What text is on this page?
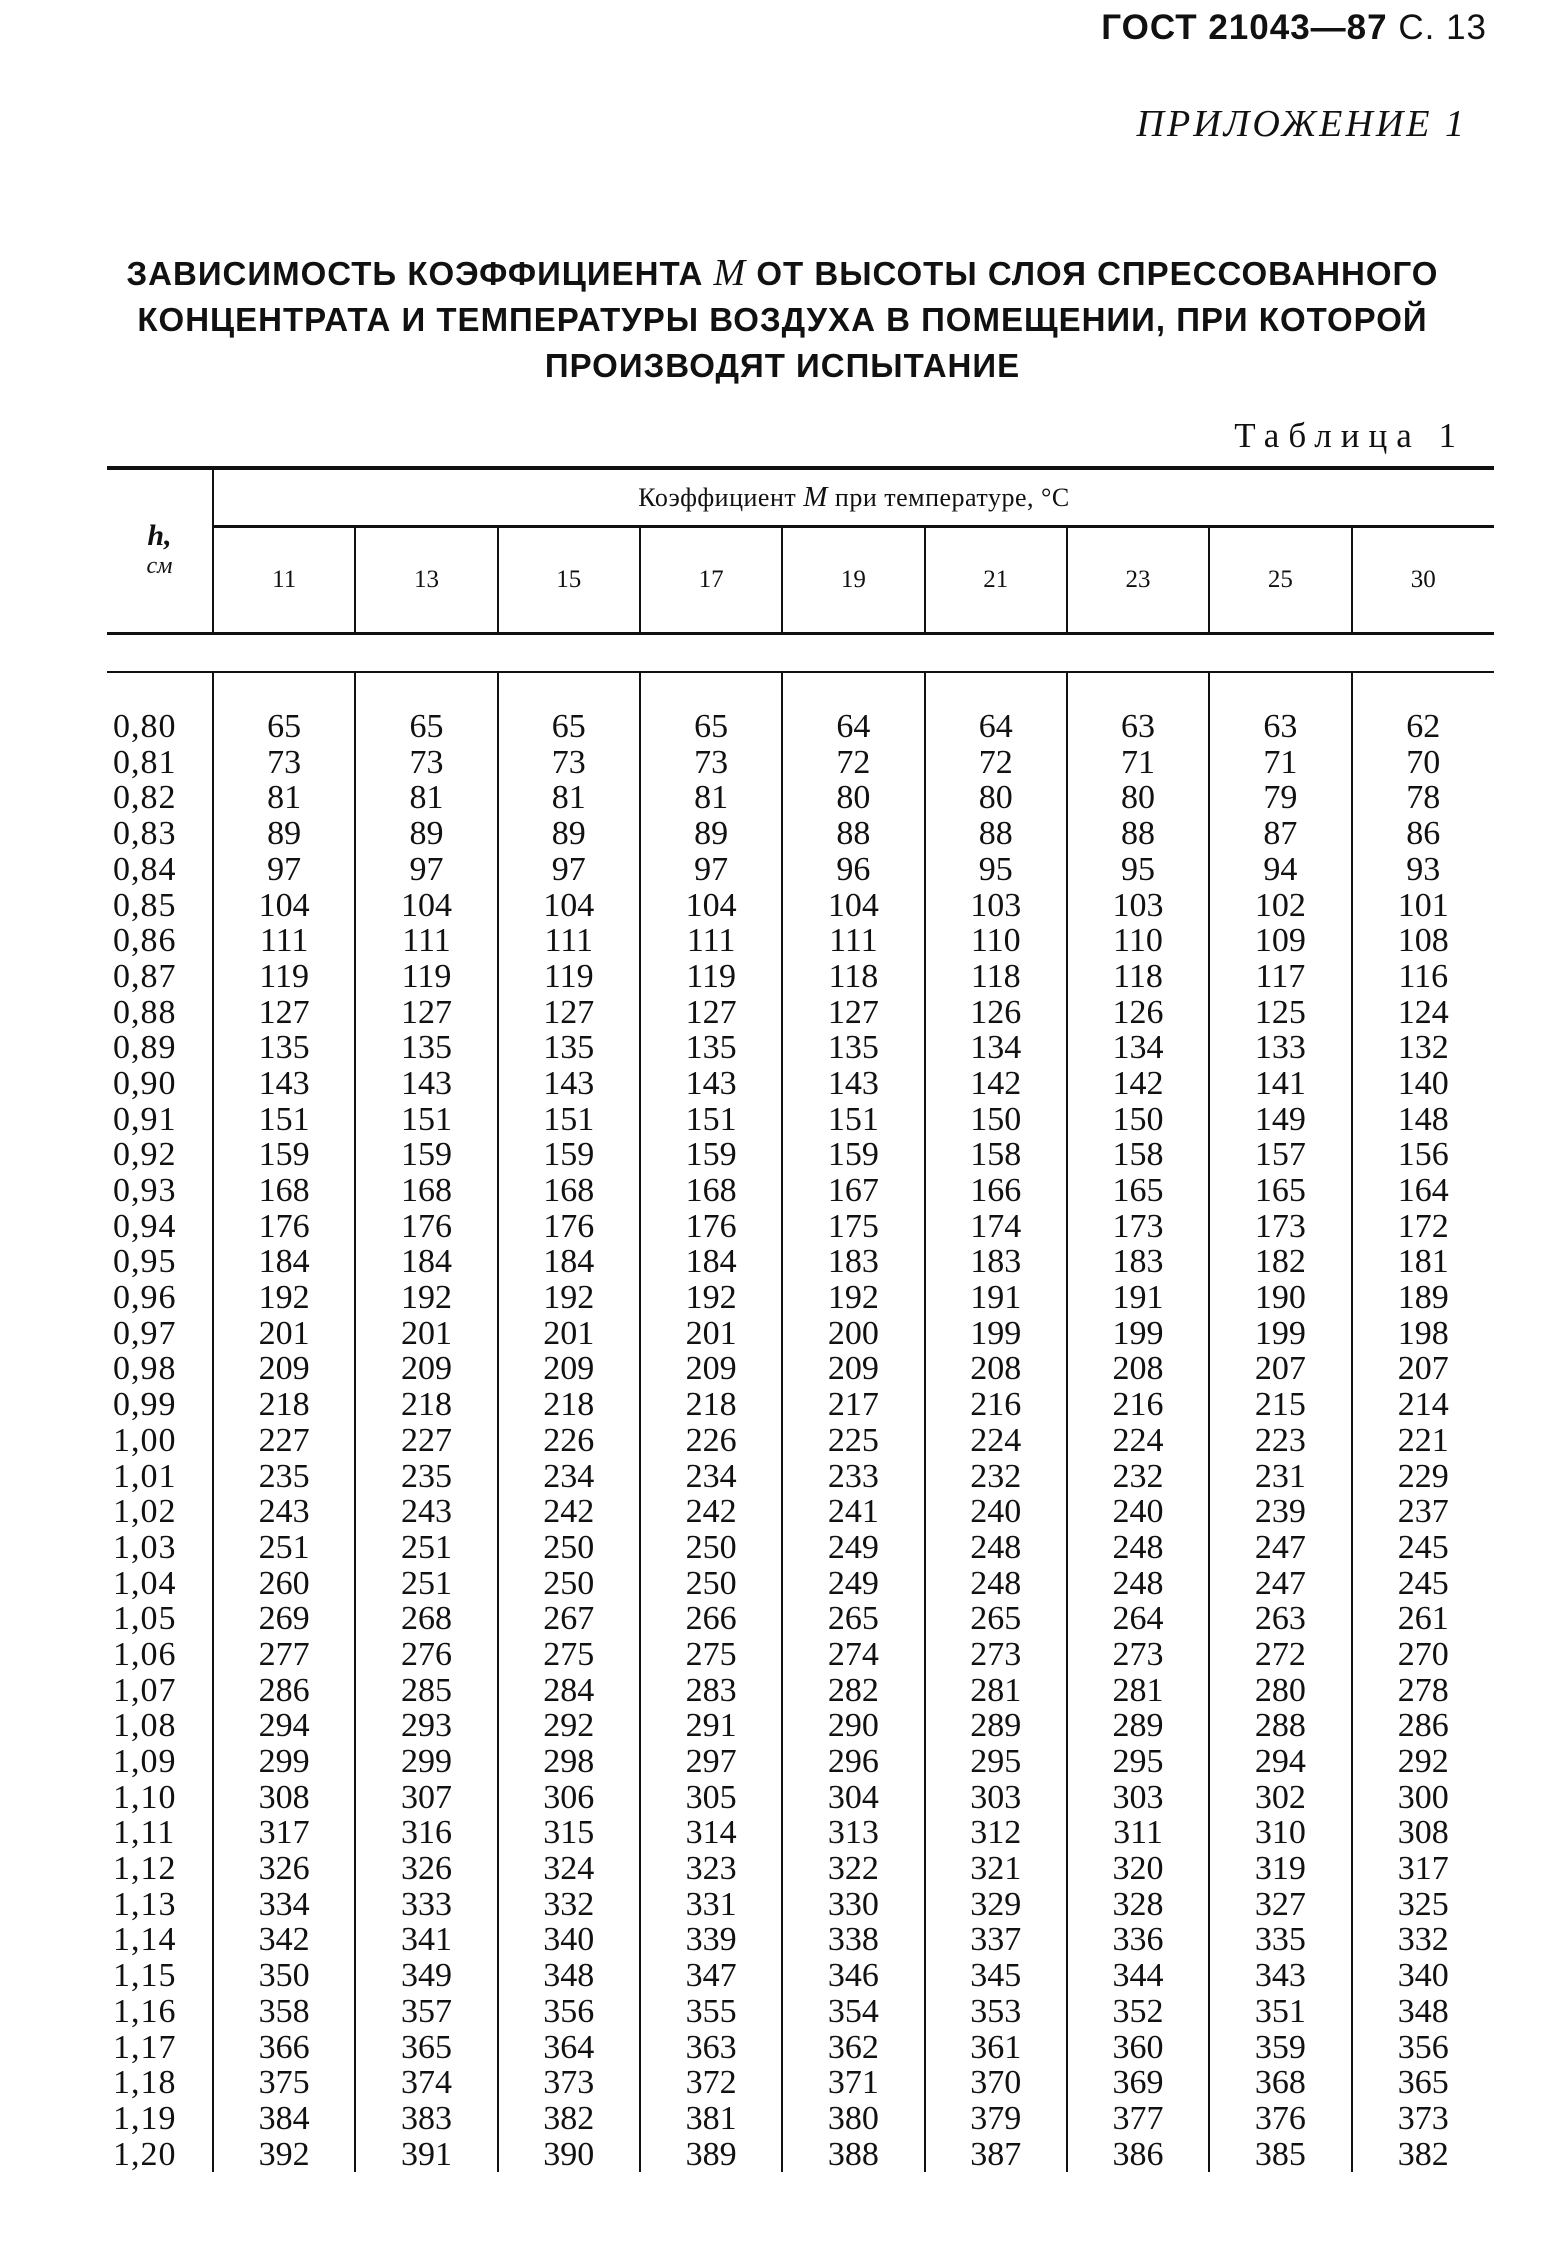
ГОСТ 21043—87 С. 13
ПРИЛОЖЕНИЕ 1
ЗАВИСИМОСТЬ КОЭФФИЦИЕНТА М ОТ ВЫСОТЫ СЛОЯ СПРЕССОВАННОГО
КОНЦЕНТРАТА И ТЕМПЕРАТУРЫ ВОЗДУХА В ПОМЕЩЕНИИ, ПРИ КОТОРОЙ
ПРОИЗВОДЯТ ИСПЫТАНИЕ
Таблица 1
h,
см	Коэффициент М при температуре, °С								
	11	13	15	17	19	21	23	25	30

0,80	65	65	65	65	64	64	63	63	62
0,81	73	73	73	73	72	72	71	71	70
0,82	81	81	81	81	80	80	80	79	78
0,83	89	89	89	89	88	88	88	87	86
0,84	97	97	97	97	96	95	95	94	93
0,85	104	104	104	104	104	103	103	102	101
0,86	111	111	111	111	111	110	110	109	108
0,87	119	119	119	119	118	118	118	117	116
0,88	127	127	127	127	127	126	126	125	124
0,89	135	135	135	135	135	134	134	133	132
0,90	143	143	143	143	143	142	142	141	140
0,91	151	151	151	151	151	150	150	149	148
0,92	159	159	159	159	159	158	158	157	156
0,93	168	168	168	168	167	166	165	165	164
0,94	176	176	176	176	175	174	173	173	172
0,95	184	184	184	184	183	183	183	182	181
0,96	192	192	192	192	192	191	191	190	189
0,97	201	201	201	201	200	199	199	199	198
0,98	209	209	209	209	209	208	208	207	207
0,99	218	218	218	218	217	216	216	215	214
1,00	227	227	226	226	225	224	224	223	221
1,01	235	235	234	234	233	232	232	231	229
1,02	243	243	242	242	241	240	240	239	237
1,03	251	251	250	250	249	248	248	247	245
1,04	260	251	250	250	249	248	248	247	245
1,05	269	268	267	266	265	265	264	263	261
1,06	277	276	275	275	274	273	273	272	270
1,07	286	285	284	283	282	281	281	280	278
1,08	294	293	292	291	290	289	289	288	286
1,09	299	299	298	297	296	295	295	294	292
1,10	308	307	306	305	304	303	303	302	300
1,11	317	316	315	314	313	312	311	310	308
1,12	326	326	324	323	322	321	320	319	317
1,13	334	333	332	331	330	329	328	327	325
1,14	342	341	340	339	338	337	336	335	332
1,15	350	349	348	347	346	345	344	343	340
1,16	358	357	356	355	354	353	352	351	348
1,17	366	365	364	363	362	361	360	359	356
1,18	375	374	373	372	371	370	369	368	365
1,19	384	383	382	381	380	379	377	376	373
1,20	392	391	390	389	388	387	386	385	382
